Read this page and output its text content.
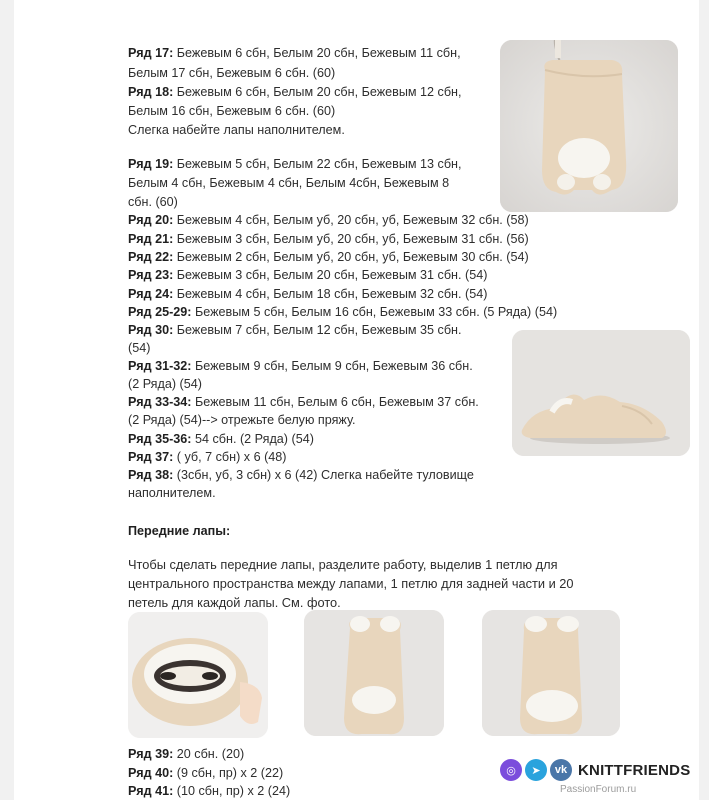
Ряд 17: Бежевым 6 сбн, Белым 20 сбн, Бежевым 11 сбн,
Белым 17 сбн, Бежевым 6 сбн. (60)
Ряд 18: Бежевым 6 сбн, Белым 20 сбн, Бежевым 12 сбн,
Белым 16 сбн, Бежевым 6 сбн. (60)
Слегка набейте лапы наполнителем.
Ряд 19: Бежевым 5 сбн, Белым 22 сбн, Бежевым 13 сбн,
Белым 4 сбн, Бежевым 4 сбн, Белым 4сбн, Бежевым 8
сбн. (60)
Ряд 20: Бежевым 4 сбн, Белым уб, 20 сбн, уб, Бежевым 32 сбн. (58)
Ряд 21: Бежевым 3 сбн, Белым уб, 20 сбн, уб, Бежевым 31 сбн. (56)
Ряд 22: Бежевым 2 сбн, Белым уб, 20 сбн, уб, Бежевым 30 сбн. (54)
Ряд 23: Бежевым 3 сбн, Белым 20 сбн, Бежевым 31 сбн. (54)
Ряд 24: Бежевым 4 сбн, Белым 18 сбн, Бежевым 32 сбн. (54)
Ряд 25-29: Бежевым 5 сбн, Белым 16 сбн, Бежевым 33 сбн. (5 Ряда) (54)
Ряд 30: Бежевым 7 сбн, Белым 12 сбн, Бежевым 35 сбн.
(54)
Ряд 31-32: Бежевым 9 сбн, Белым 9 сбн, Бежевым 36 сбн.
(2 Ряда) (54)
Ряд 33-34: Бежевым 11 сбн, Белым 6 сбн, Бежевым 37 сбн.
(2 Ряда) (54)--> отрежьте белую пряжу.
Ряд 35-36: 54 сбн. (2 Ряда) (54)
Ряд 37: ( уб, 7 сбн) х 6 (48)
Ряд 38: (3сбн, уб, 3 сбн) х 6 (42) Слегка набейте туловище
наполнителем.
Передние лапы:
Чтобы сделать передние лапы, разделите работу, выделив 1 петлю для
центрального пространства между лапами, 1 петлю для задней части и 20
петель для каждой лапы. См. фото.
Ряд 39: 20 сбн. (20)
Ряд 40: (9 сбн, пр) х 2 (22)
Ряд 41: (10 сбн, пр) х 2 (24)
◎	➤	vk KNITTFRIENDS
PassionForum.ru
